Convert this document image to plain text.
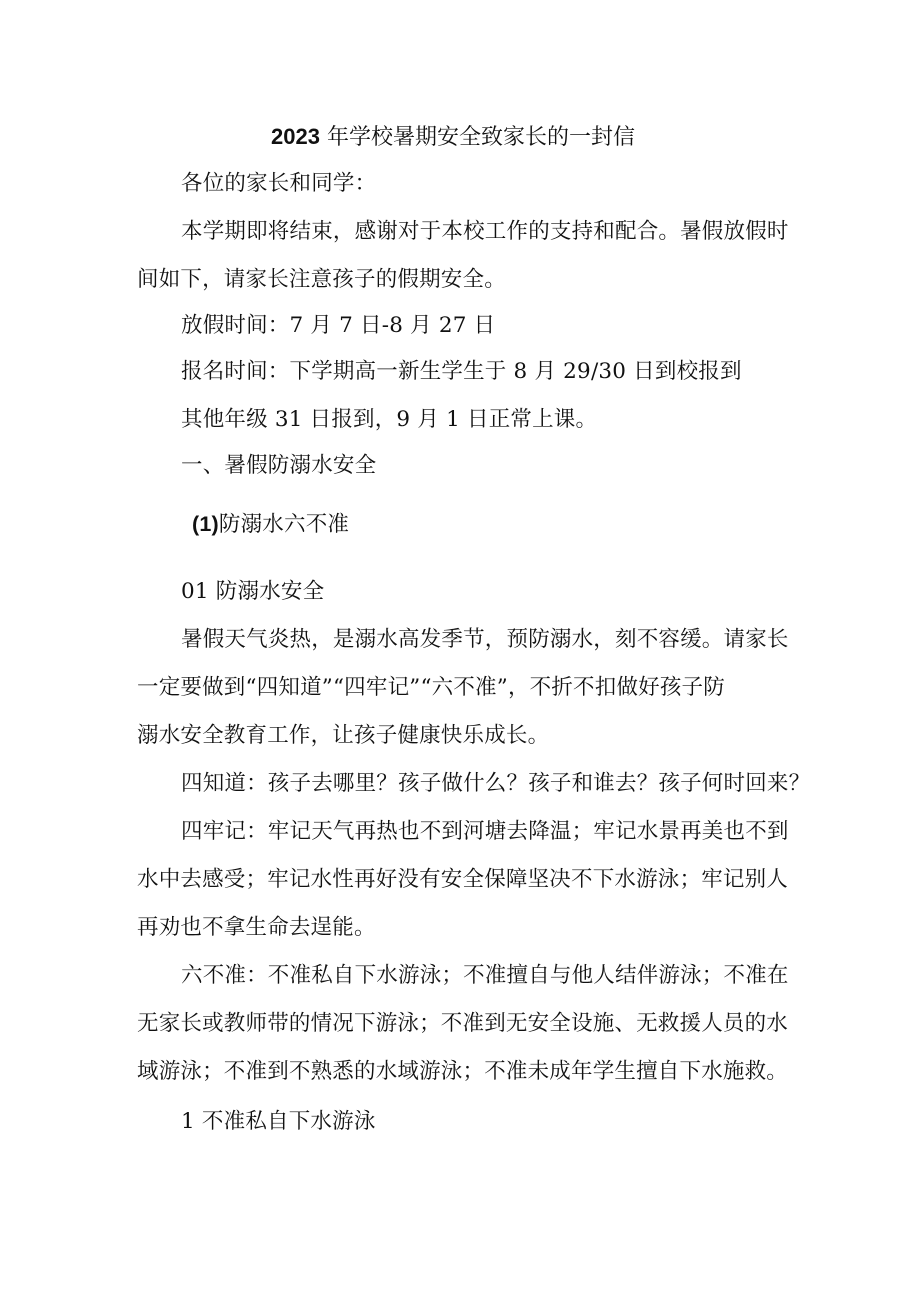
2023 年学校暑期安全致家长的一封信
各位的家长和同学：
本学期即将结束，感谢对于本校工作的支持和配合。暑假放假时
间如下，请家长注意孩子的假期安全。
放假时间：7 月 7 日-8 月 27 日
报名时间：下学期高一新生学生于 8 月 29/30 日到校报到
其他年级 31 日报到，9 月 1 日正常上课。
一、暑假防溺水安全
(1)防溺水六不准
01 防溺水安全
暑假天气炎热，是溺水高发季节，预防溺水，刻不容缓。请家长
一定要做到“四知道”“四牢记”“六不准”，不折不扣做好孩子防
溺水安全教育工作，让孩子健康快乐成长。
四知道：孩子去哪里？孩子做什么？孩子和谁去？孩子何时回来？
四牢记：牢记天气再热也不到河塘去降温；牢记水景再美也不到
水中去感受；牢记水性再好没有安全保障坚决不下水游泳；牢记别人
再劝也不拿生命去逞能。
六不准：不准私自下水游泳；不准擅自与他人结伴游泳；不准在
无家长或教师带的情况下游泳；不准到无安全设施、无救援人员的水
域游泳；不准到不熟悉的水域游泳；不准未成年学生擅自下水施救。
1 不准私自下水游泳
